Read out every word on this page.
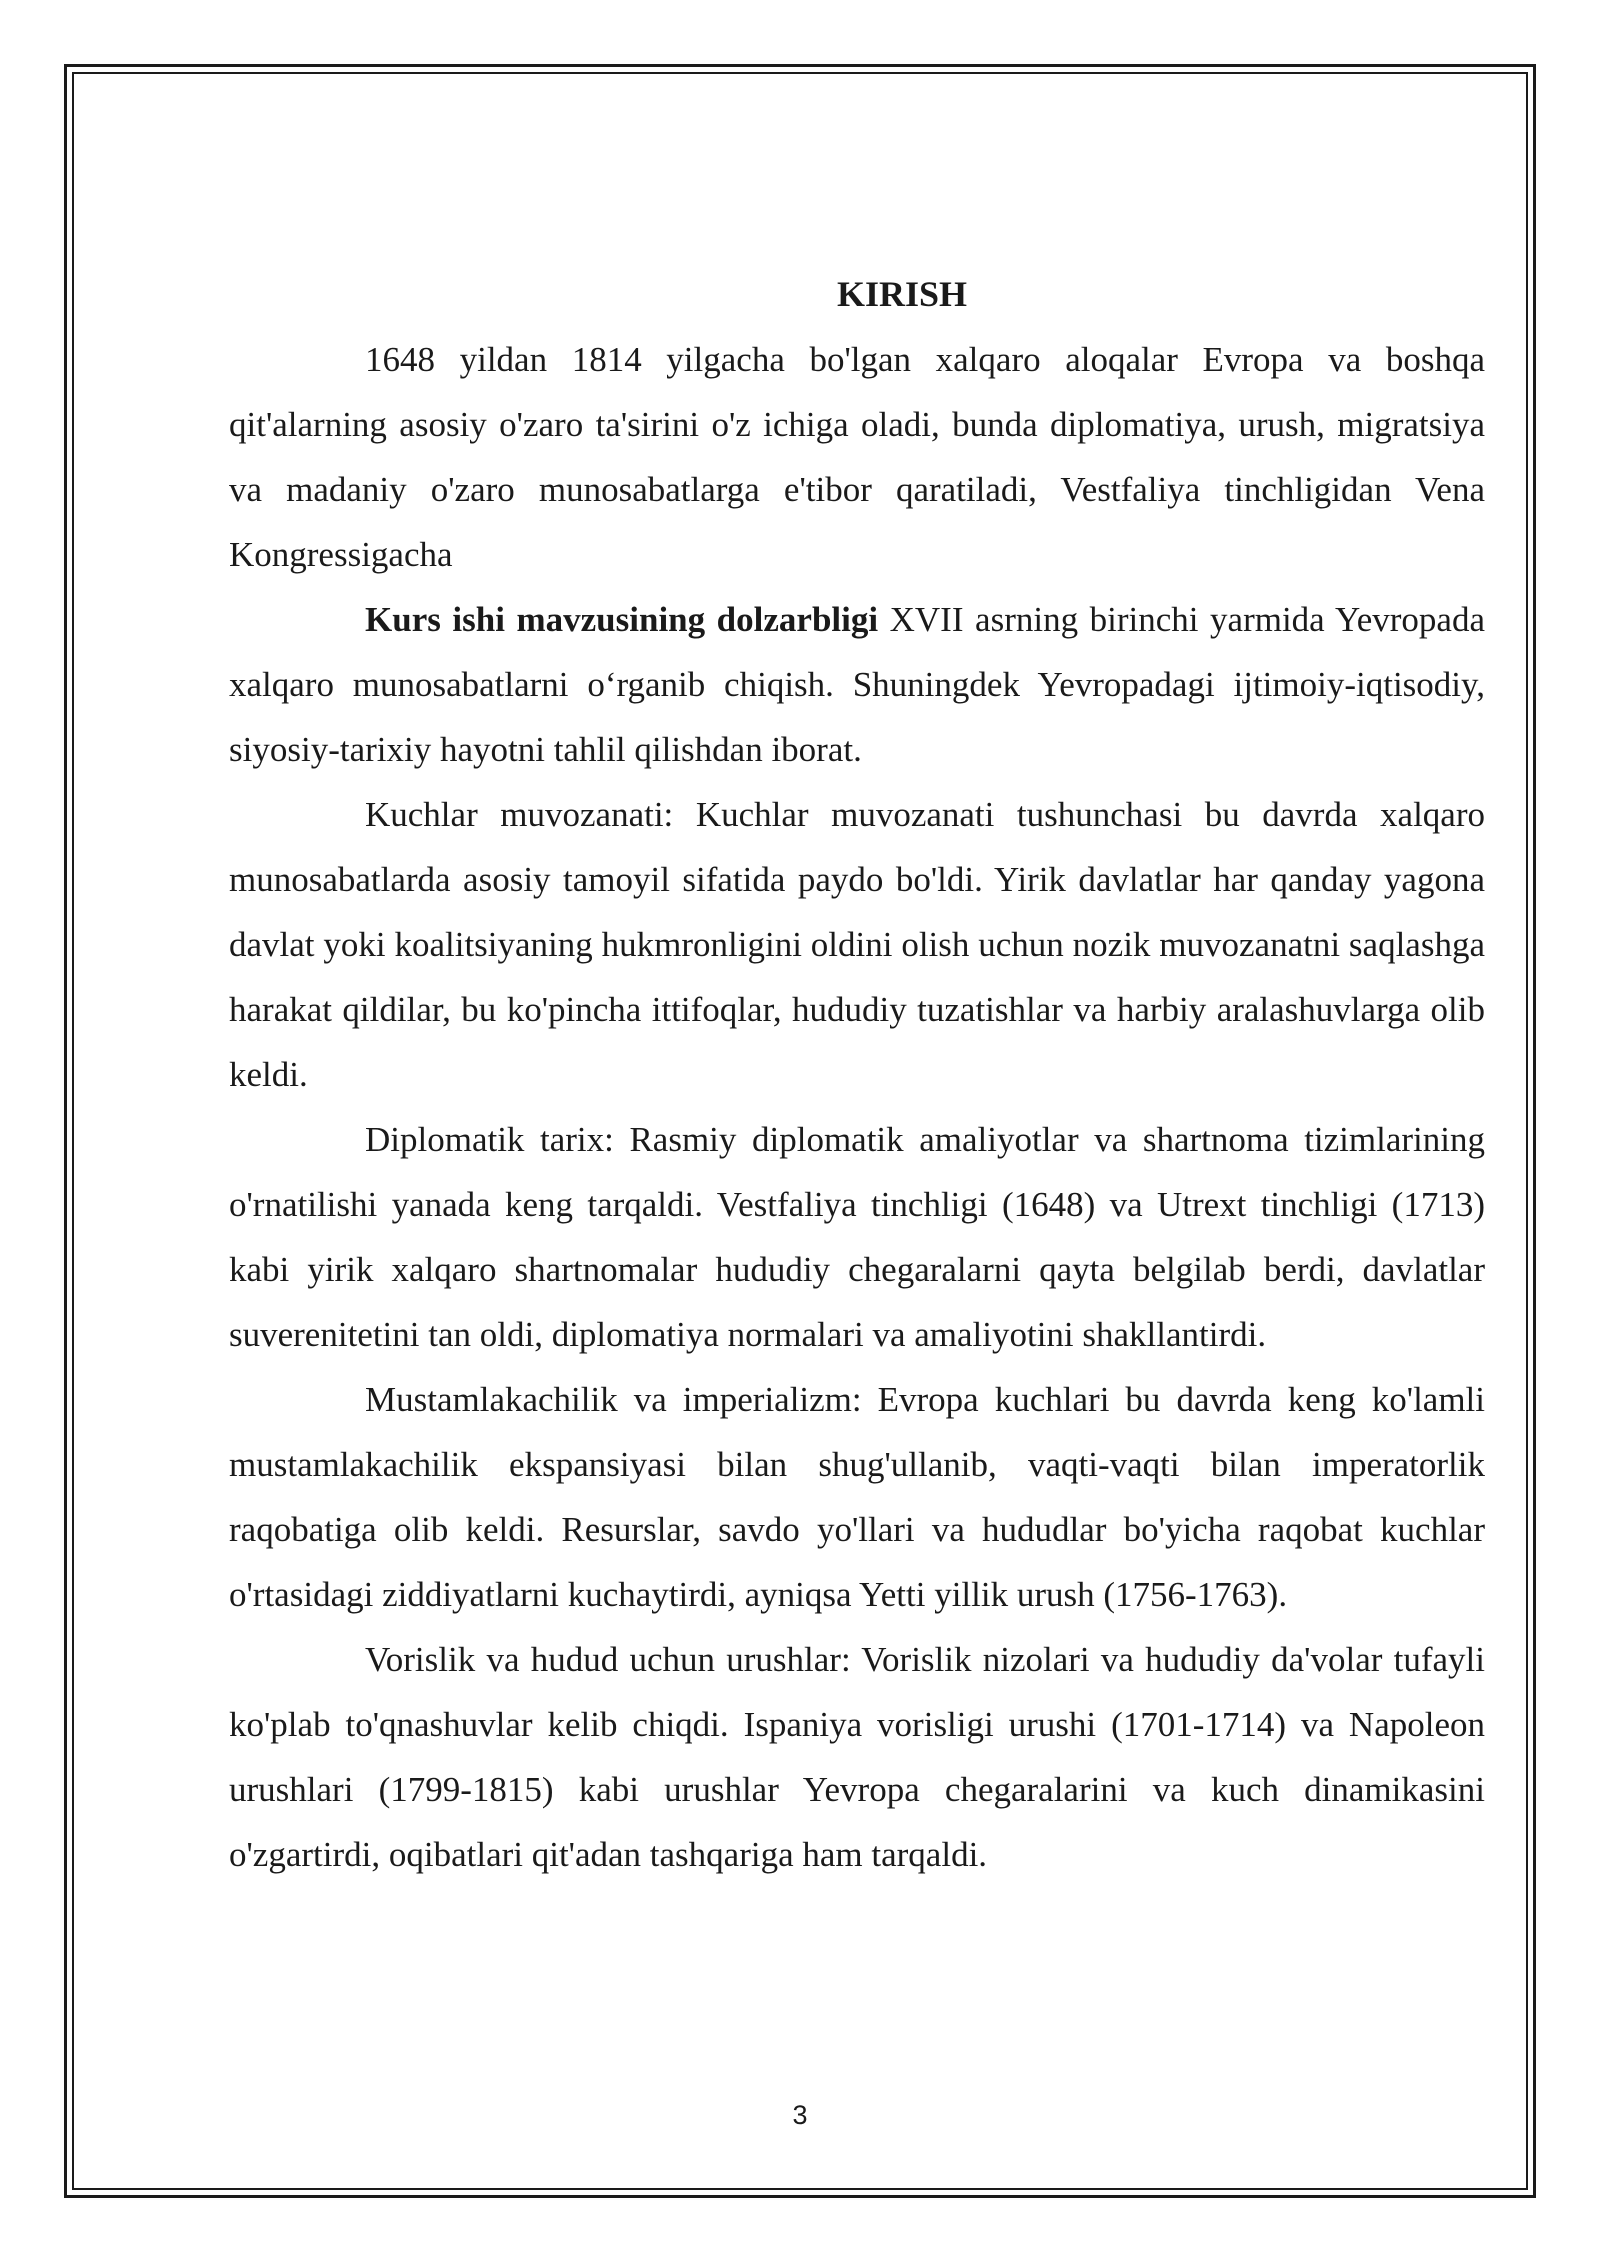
KIRISH

1648 yildan 1814 yilgacha bo'lgan xalqaro aloqalar Evropa va boshqa qit'alarning asosiy o'zaro ta'sirini o'z ichiga oladi, bunda diplomatiya, urush, migratsiya va madaniy o'zaro munosabatlarga e'tibor qaratiladi, Vestfaliya tinchligidan Vena Kongressigacha

Kurs ishi mavzusining dolzarbligi XVII asrning birinchi yarmida Yevropada xalqaro munosabatlarni o‘rganib chiqish. Shuningdek Yevropadagi ijtimoiy-iqtisodiy, siyosiy-tarixiy hayotni tahlil qilishdan iborat.

Kuchlar muvozanati: Kuchlar muvozanati tushunchasi bu davrda xalqaro munosabatlarda asosiy tamoyil sifatida paydo bo'ldi. Yirik davlatlar har qanday yagona davlat yoki koalitsiyaning hukmronligini oldini olish uchun nozik muvozanatni saqlashga harakat qildilar, bu ko'pincha ittifoqlar, hududiy tuzatishlar va harbiy aralashuvlarga olib keldi.

Diplomatik tarix: Rasmiy diplomatik amaliyotlar va shartnoma tizimlarining o'rnatilishi yanada keng tarqaldi. Vestfaliya tinchligi (1648) va Utrext tinchligi (1713) kabi yirik xalqaro shartnomalar hududiy chegaralarni qayta belgilab berdi, davlatlar suverenitetini tan oldi, diplomatiya normalari va amaliyotini shakllantirdi.

Mustamlakachilik va imperializm: Evropa kuchlari bu davrda keng ko'lamli mustamlakachilik ekspansiyasi bilan shug'ullanib, vaqti-vaqti bilan imperatorlik raqobatiga olib keldi. Resurslar, savdo yo'llari va hududlar bo'yicha raqobat kuchlar o'rtasidagi ziddiyatlarni kuchaytirdi, ayniqsa Yetti yillik urush (1756-1763).

Vorislik va hudud uchun urushlar: Vorislik nizolari va hududiy da'volar tufayli ko'plab to'qnashuvlar kelib chiqdi. Ispaniya vorisligi urushi (1701-1714) va Napoleon urushlari (1799-1815) kabi urushlar Yevropa chegaralarini va kuch dinamikasini o'zgartirdi, oqibatlari qit'adan tashqariga ham tarqaldi.

3
